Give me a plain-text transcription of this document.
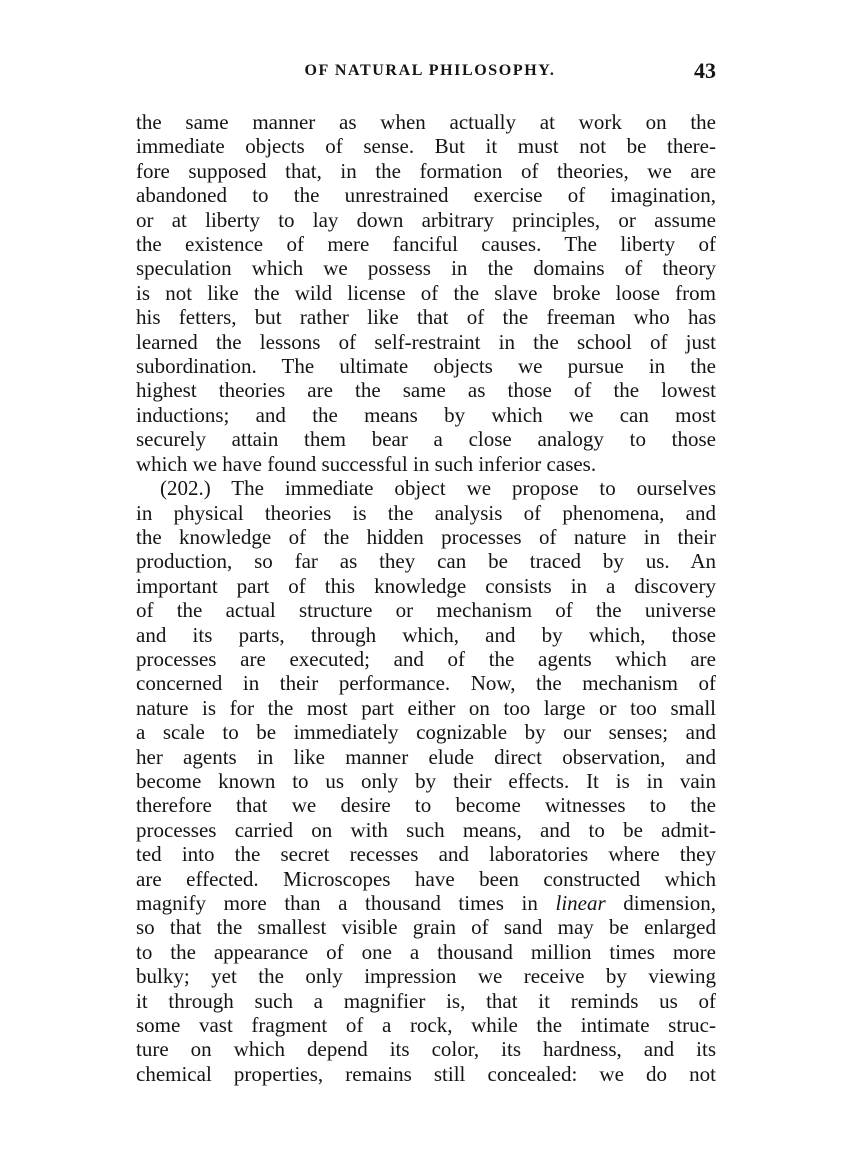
OF NATURAL PHILOSOPHY.	43
the same manner as when actually at work on the
immediate objects of sense. But it must not be there-
fore supposed that, in the formation of theories, we are
abandoned to the unrestrained exercise of imagination,
or at liberty to lay down arbitrary principles, or assume
the existence of mere fanciful causes. The liberty of
speculation which we possess in the domains of theory
is not like the wild license of the slave broke loose from
his fetters, but rather like that of the freeman who has
learned the lessons of self-restraint in the school of just
subordination. The ultimate objects we pursue in the
highest theories are the same as those of the lowest
inductions; and the means by which we can most
securely attain them bear a close analogy to those
which we have found successful in such inferior cases.
(202.) The immediate object we propose to ourselves
in physical theories is the analysis of phenomena, and
the knowledge of the hidden processes of nature in their
production, so far as they can be traced by us. An
important part of this knowledge consists in a discovery
of the actual structure or mechanism of the universe
and its parts, through which, and by which, those
processes are executed; and of the agents which are
concerned in their performance. Now, the mechanism of
nature is for the most part either on too large or too small
a scale to be immediately cognizable by our senses; and
her agents in like manner elude direct observation, and
become known to us only by their effects. It is in vain
therefore that we desire to become witnesses to the
processes carried on with such means, and to be admit-
ted into the secret recesses and laboratories where they
are effected. Microscopes have been constructed which
magnify more than a thousand times in linear dimension,
so that the smallest visible grain of sand may be enlarged
to the appearance of one a thousand million times more
bulky; yet the only impression we receive by viewing
it through such a magnifier is, that it reminds us of
some vast fragment of a rock, while the intimate struc-
ture on which depend its color, its hardness, and its
chemical properties, remains still concealed: we do not
